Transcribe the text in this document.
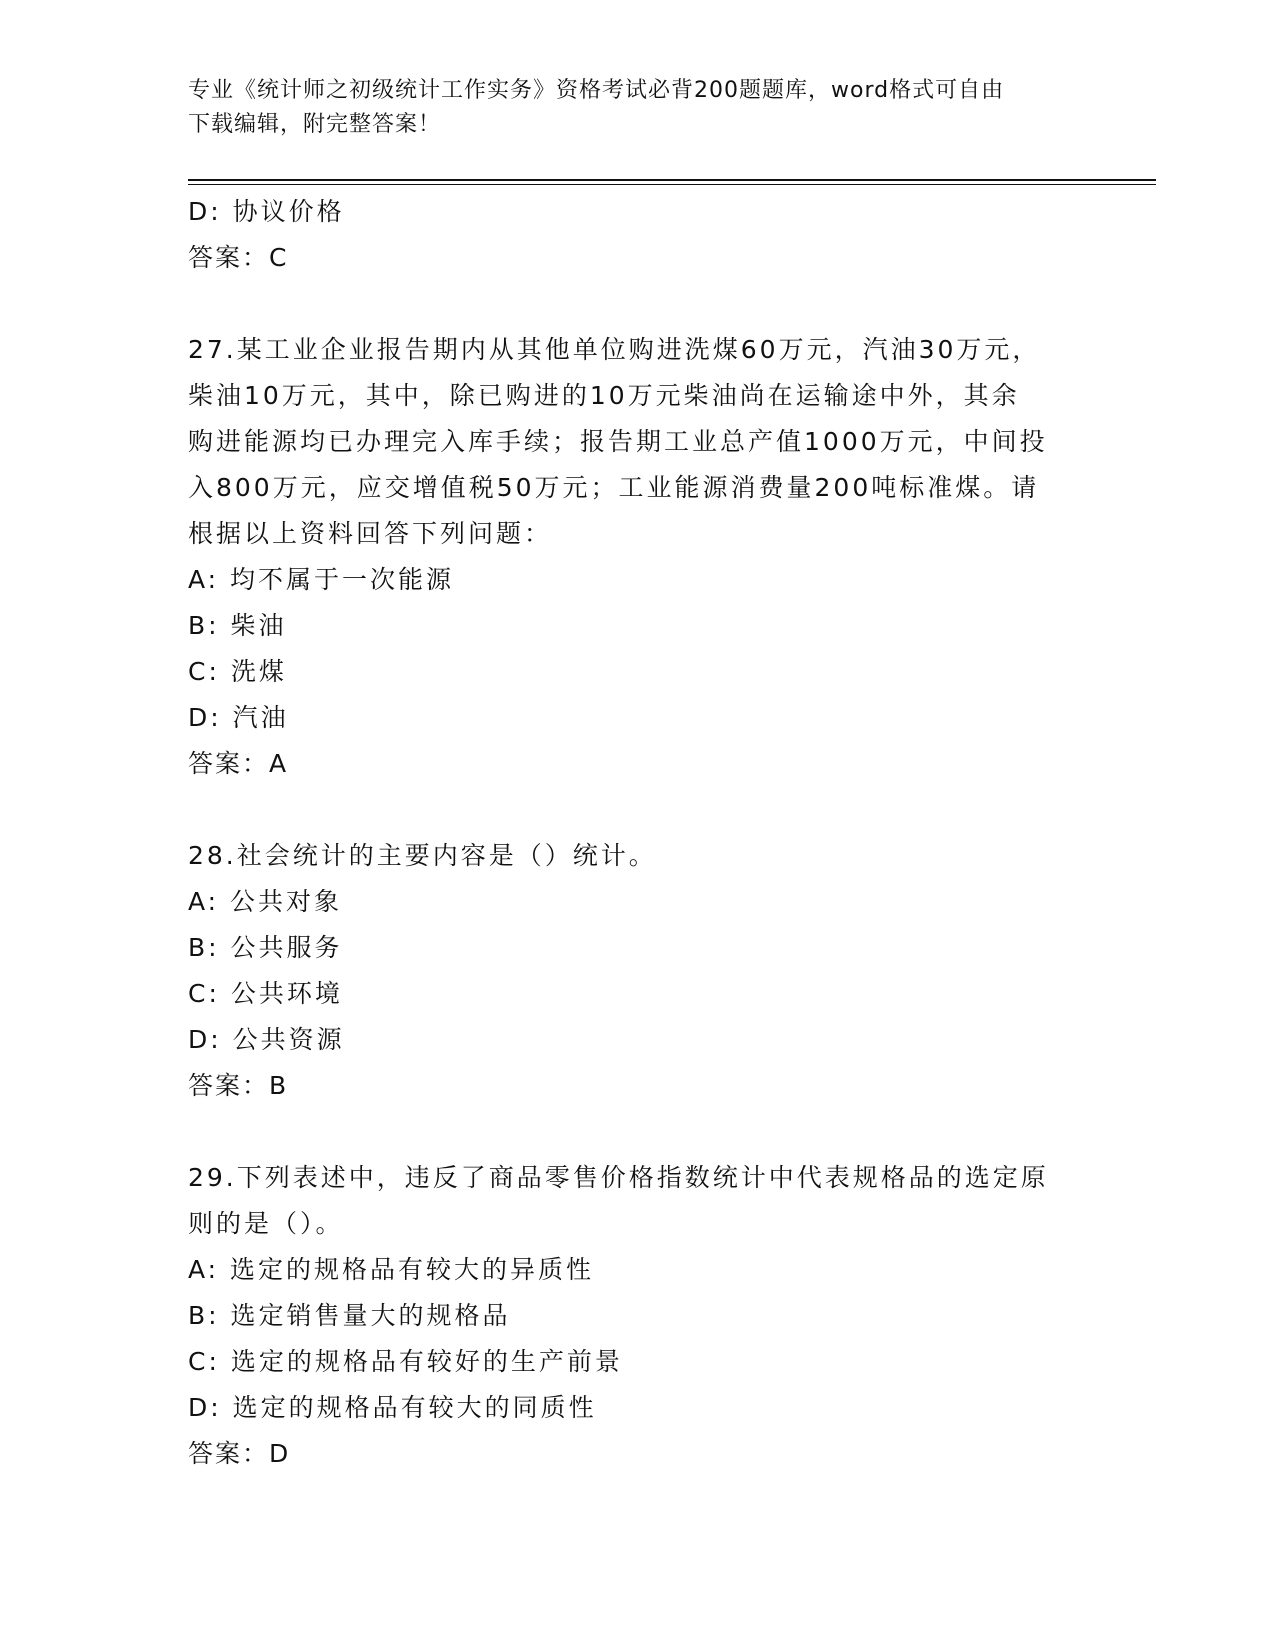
专业《统计师之初级统计工作实务》资格考试必背200题题库，word格式可自由
下载编辑，附完整答案！
D: 协议价格
答案：C
27.某工业企业报告期内从其他单位购进洗煤60万元，汽油30万元，
柴油10万元，其中，除已购进的10万元柴油尚在运输途中外，其余
购进能源均已办理完入库手续；报告期工业总产值1000万元，中间投
入800万元，应交增值税50万元；工业能源消费量200吨标准煤。请
根据以上资料回答下列问题：
A: 均不属于一次能源
B: 柴油
C: 洗煤
D: 汽油
答案：A
28.社会统计的主要内容是（）统计。
A: 公共对象
B: 公共服务
C: 公共环境
D: 公共资源
答案：B
29.下列表述中，违反了商品零售价格指数统计中代表规格品的选定原
则的是（）。
A: 选定的规格品有较大的异质性
B: 选定销售量大的规格品
C: 选定的规格品有较好的生产前景
D: 选定的规格品有较大的同质性
答案：D
